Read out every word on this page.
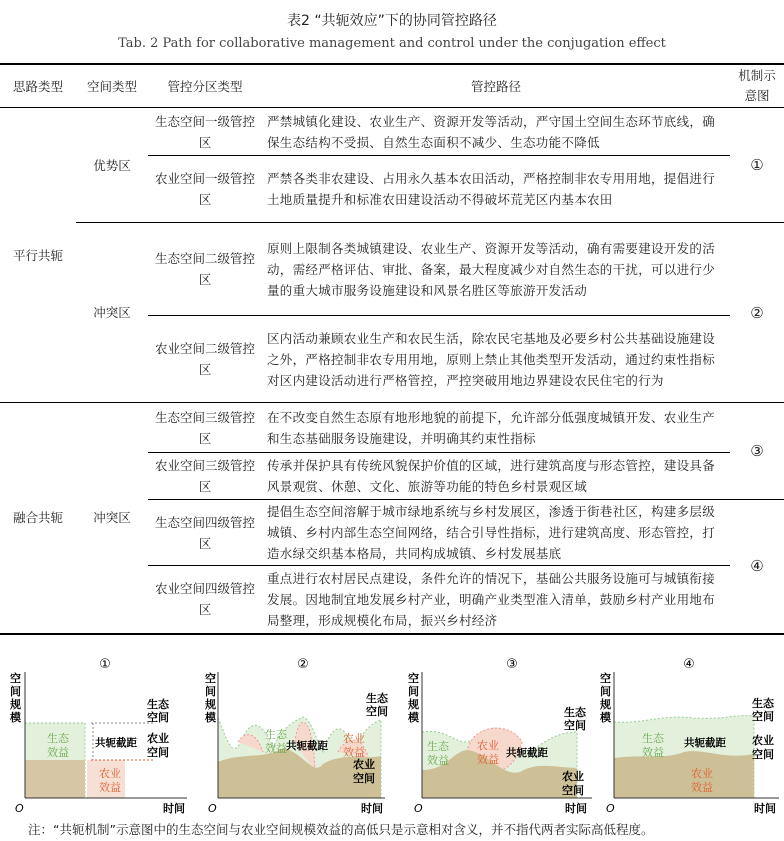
表2 “共轭效应”下的协同管控路径
Tab. 2 Path for collaborative management and control under the conjugation effect
思路类型	空间类型	管控分区类型	管控路径	机制示意图
平行共轭	优势区	生态空间一级管控区	严禁城镇化建设、农业生产、资源开发等活动，严守国土空间生态环节底线，确保生态结构不受损、自然生态面积不减少、生态功能不降低	①
		农业空间一级管控区	严禁各类非农建设、占用永久基本农田活动，严格控制非农专用用地，提倡进行土地质量提升和标准农田建设活动不得破坏荒芜区内基本农田	
	冲突区	生态空间二级管控区	原则上限制各类城镇建设、农业生产、资源开发等活动，确有需要建设开发的活动，需经严格评估、审批、备案，最大程度减少对自然生态的干扰，可以进行少量的重大城市服务设施建设和风景名胜区等旅游开发活动	②
		农业空间二级管控区	区内活动兼顾农业生产和农民生活，除农民宅基地及必要乡村公共基础设施建设之外，严格控制非农专用用地，原则上禁止其他类型开发活动，通过约束性指标对区内建设活动进行严格管控，严控突破用地边界建设农民住宅的行为	
融合共轭	冲突区	生态空间三级管控区	在不改变自然生态原有地形地貌的前提下，允许部分低强度城镇开发、农业生产和生态基础服务设施建设，并明确其约束性指标	③
		农业空间三级管控区	传承并保护具有传统风貌保护价值的区域，进行建筑高度与形态管控，建设具备风景观赏、休憩、文化、旅游等功能的特色乡村景观区域	
		生态空间四级管控区	提倡生态空间溶解于城市绿地系统与乡村发展区，渗透于街巷社区，构建多层级城镇、乡村内部生态空间网络，结合引导性指标，进行建筑高度、形态管控，打造水绿交织基本格局，共同构成城镇、乡村发展基底	④
		农业空间四级管控区	重点进行农村居民点建设，条件允许的情况下，基础公共服务设施可与城镇衔接发展。因地制宜地发展乡村产业，明确产业类型准入清单，鼓励乡村产业用地布局整理，形成规模化布局，振兴乡村经济	
①
空
间
规
模
生态
效益
农业
效益
共轭截距
生态
空间
农业
空间
O	时间
②
空
间
规
模
生态
效益 共轭截距
农业
效益
生态
空间
农业
空间
O	时间
③
空
间
规
模
生态
效益
农业
效益 共轭截距
生态
空间
农业
空间
O	时间
④
空
间
规
模
生态
效益
共轭截距
农业
效益
生态
空间
农业
空间
O	时间
注：“共轭机制”示意图中的生态空间与农业空间规模效益的高低只是示意相对含义，并不指代两者实际高低程度。
